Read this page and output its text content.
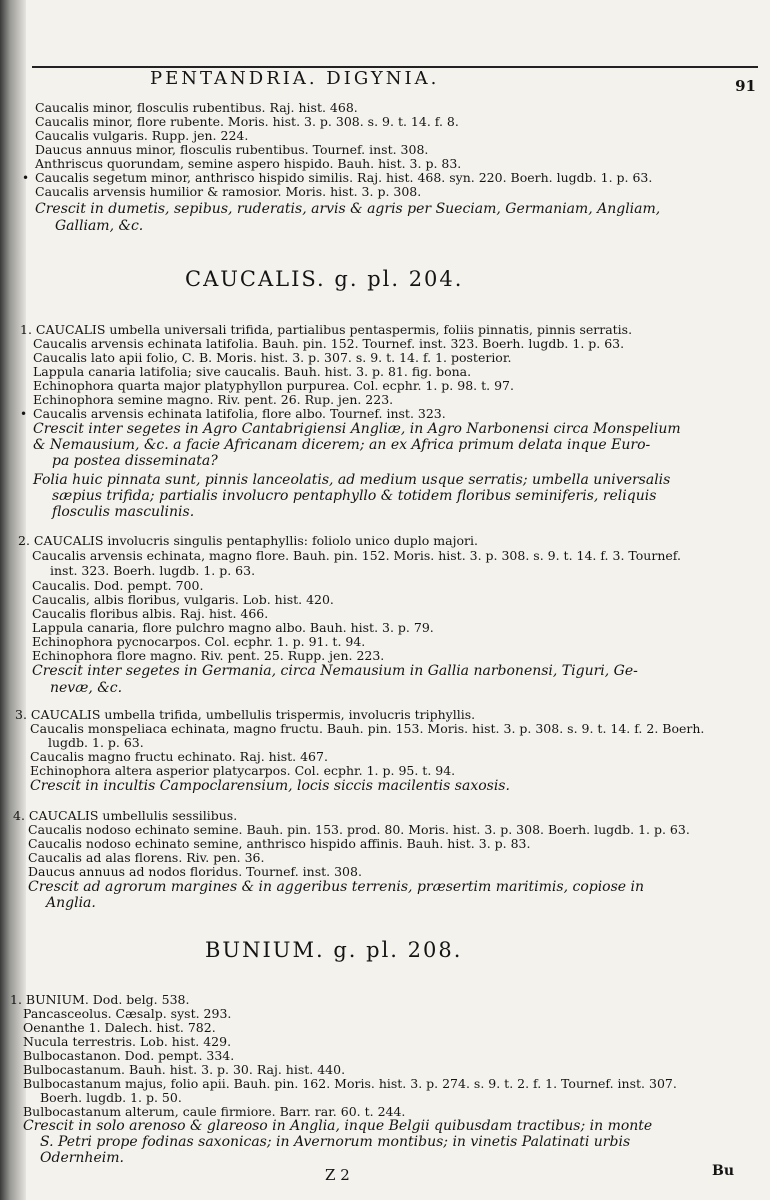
PENTANDRIA. DIGYNIA.	91
Caucalis minor, flosculis rubentibus. Raj. hist. 468.
Caucalis minor, flore rubente. Moris. hist. 3. p. 308. s. 9. t. 14. f. 8.
Caucalis vulgaris. Rupp. jen. 224.
Daucus annuus minor, flosculis rubentibus. Tournef. inst. 308.
Anthriscus quorundam, semine aspero hispido. Bauh. hist. 3. p. 83.
• Caucalis segetum minor, anthrisco hispido similis. Raj. hist. 468. syn. 220. Boerh. lugdb. 1. p. 63.
Caucalis arvensis humilior & ramosior. Moris. hist. 3. p. 308.
Crescit in dumetis, sepibus, ruderatis, arvis & agris per Sueciam, Germaniam, Angliam,
Galliam, &c.
CAUCALIS. g. pl. 204.
1. CAUCALIS umbella universali trifida, partialibus pentaspermis, foliis pinnatis, pinnis serratis.
Caucalis arvensis echinata latifolia. Bauh. pin. 152. Tournef. inst. 323. Boerh. lugdb. 1. p. 63.
Caucalis lato apii folio, C. B. Moris. hist. 3. p. 307. s. 9. t. 14. f. 1. posterior.
Lappula canaria latifolia; sive caucalis. Bauh. hist. 3. p. 81. fig. bona.
Echinophora quarta major platyphyllon purpurea. Col. ecphr. 1. p. 98. t. 97.
Echinophora semine magno. Riv. pent. 26. Rup. jen. 223.
• Caucalis arvensis echinata latifolia, flore albo. Tournef. inst. 323.
Crescit inter segetes in Agro Cantabrigiensi Angliæ, in Agro Narbonensi circa Monspelium
& Nemausium, &c. a facie Africanam dicerem; an ex Africa primum delata inque Euro-
pa postea disseminata?
Folia huic pinnata sunt, pinnis lanceolatis, ad medium usque serratis; umbella universalis
sæpius trifida; partialis involucro pentaphyllo & totidem floribus seminiferis, reliquis
flosculis masculinis.
2. CAUCALIS involucris singulis pentaphyllis: foliolo unico duplo majori.
Caucalis arvensis echinata, magno flore. Bauh. pin. 152. Moris. hist. 3. p. 308. s. 9. t. 14. f. 3. Tournef.
inst. 323. Boerh. lugdb. 1. p. 63.
Caucalis. Dod. pempt. 700.
Caucalis, albis floribus, vulgaris. Lob. hist. 420.
Caucalis floribus albis. Raj. hist. 466.
Lappula canaria, flore pulchro magno albo. Bauh. hist. 3. p. 79.
Echinophora pycnocarpos. Col. ecphr. 1. p. 91. t. 94.
Echinophora flore magno. Riv. pent. 25. Rupp. jen. 223.
Crescit inter segetes in Germania, circa Nemausium in Gallia narbonensi, Tiguri, Ge-
nevæ, &c.
3. CAUCALIS umbella trifida, umbellulis trispermis, involucris triphyllis.
Caucalis monspeliaca echinata, magno fructu. Bauh. pin. 153. Moris. hist. 3. p. 308. s. 9. t. 14. f. 2. Boerh.
lugdb. 1. p. 63.
Caucalis magno fructu echinato. Raj. hist. 467.
Echinophora altera asperior platycarpos. Col. ecphr. 1. p. 95. t. 94.
Crescit in incultis Campoclarensium, locis siccis macilentis saxosis.
4. CAUCALIS umbellulis sessilibus.
Caucalis nodoso echinato semine. Bauh. pin. 153. prod. 80. Moris. hist. 3. p. 308. Boerh. lugdb. 1. p. 63.
Caucalis nodoso echinato semine, anthrisco hispido affinis. Bauh. hist. 3. p. 83.
Caucalis ad alas florens. Riv. pen. 36.
Daucus annuus ad nodos floridus. Tournef. inst. 308.
Crescit ad agrorum margines & in aggeribus terrenis, præsertim maritimis, copiose in
Anglia.
BUNIUM. g. pl. 208.
1. BUNIUM. Dod. belg. 538.
Pancasceolus. Cæsalp. syst. 293.
Oenanthe 1. Dalech. hist. 782.
Nucula terrestris. Lob. hist. 429.
Bulbocastanon. Dod. pempt. 334.
Bulbocastanum. Bauh. hist. 3. p. 30. Raj. hist. 440.
Bulbocastanum majus, folio apii. Bauh. pin. 162. Moris. hist. 3. p. 274. s. 9. t. 2. f. 1. Tournef. inst. 307.
Boerh. lugdb. 1. p. 50.
Bulbocastanum alterum, caule firmiore. Barr. rar. 60. t. 244.
Crescit in solo arenoso & glareoso in Anglia, inque Belgii quibusdam tractibus; in monte
S. Petri prope fodinas saxonicas; in Avernorum montibus; in vinetis Palatinati urbis
Odernheim.
Z 2	Bu
